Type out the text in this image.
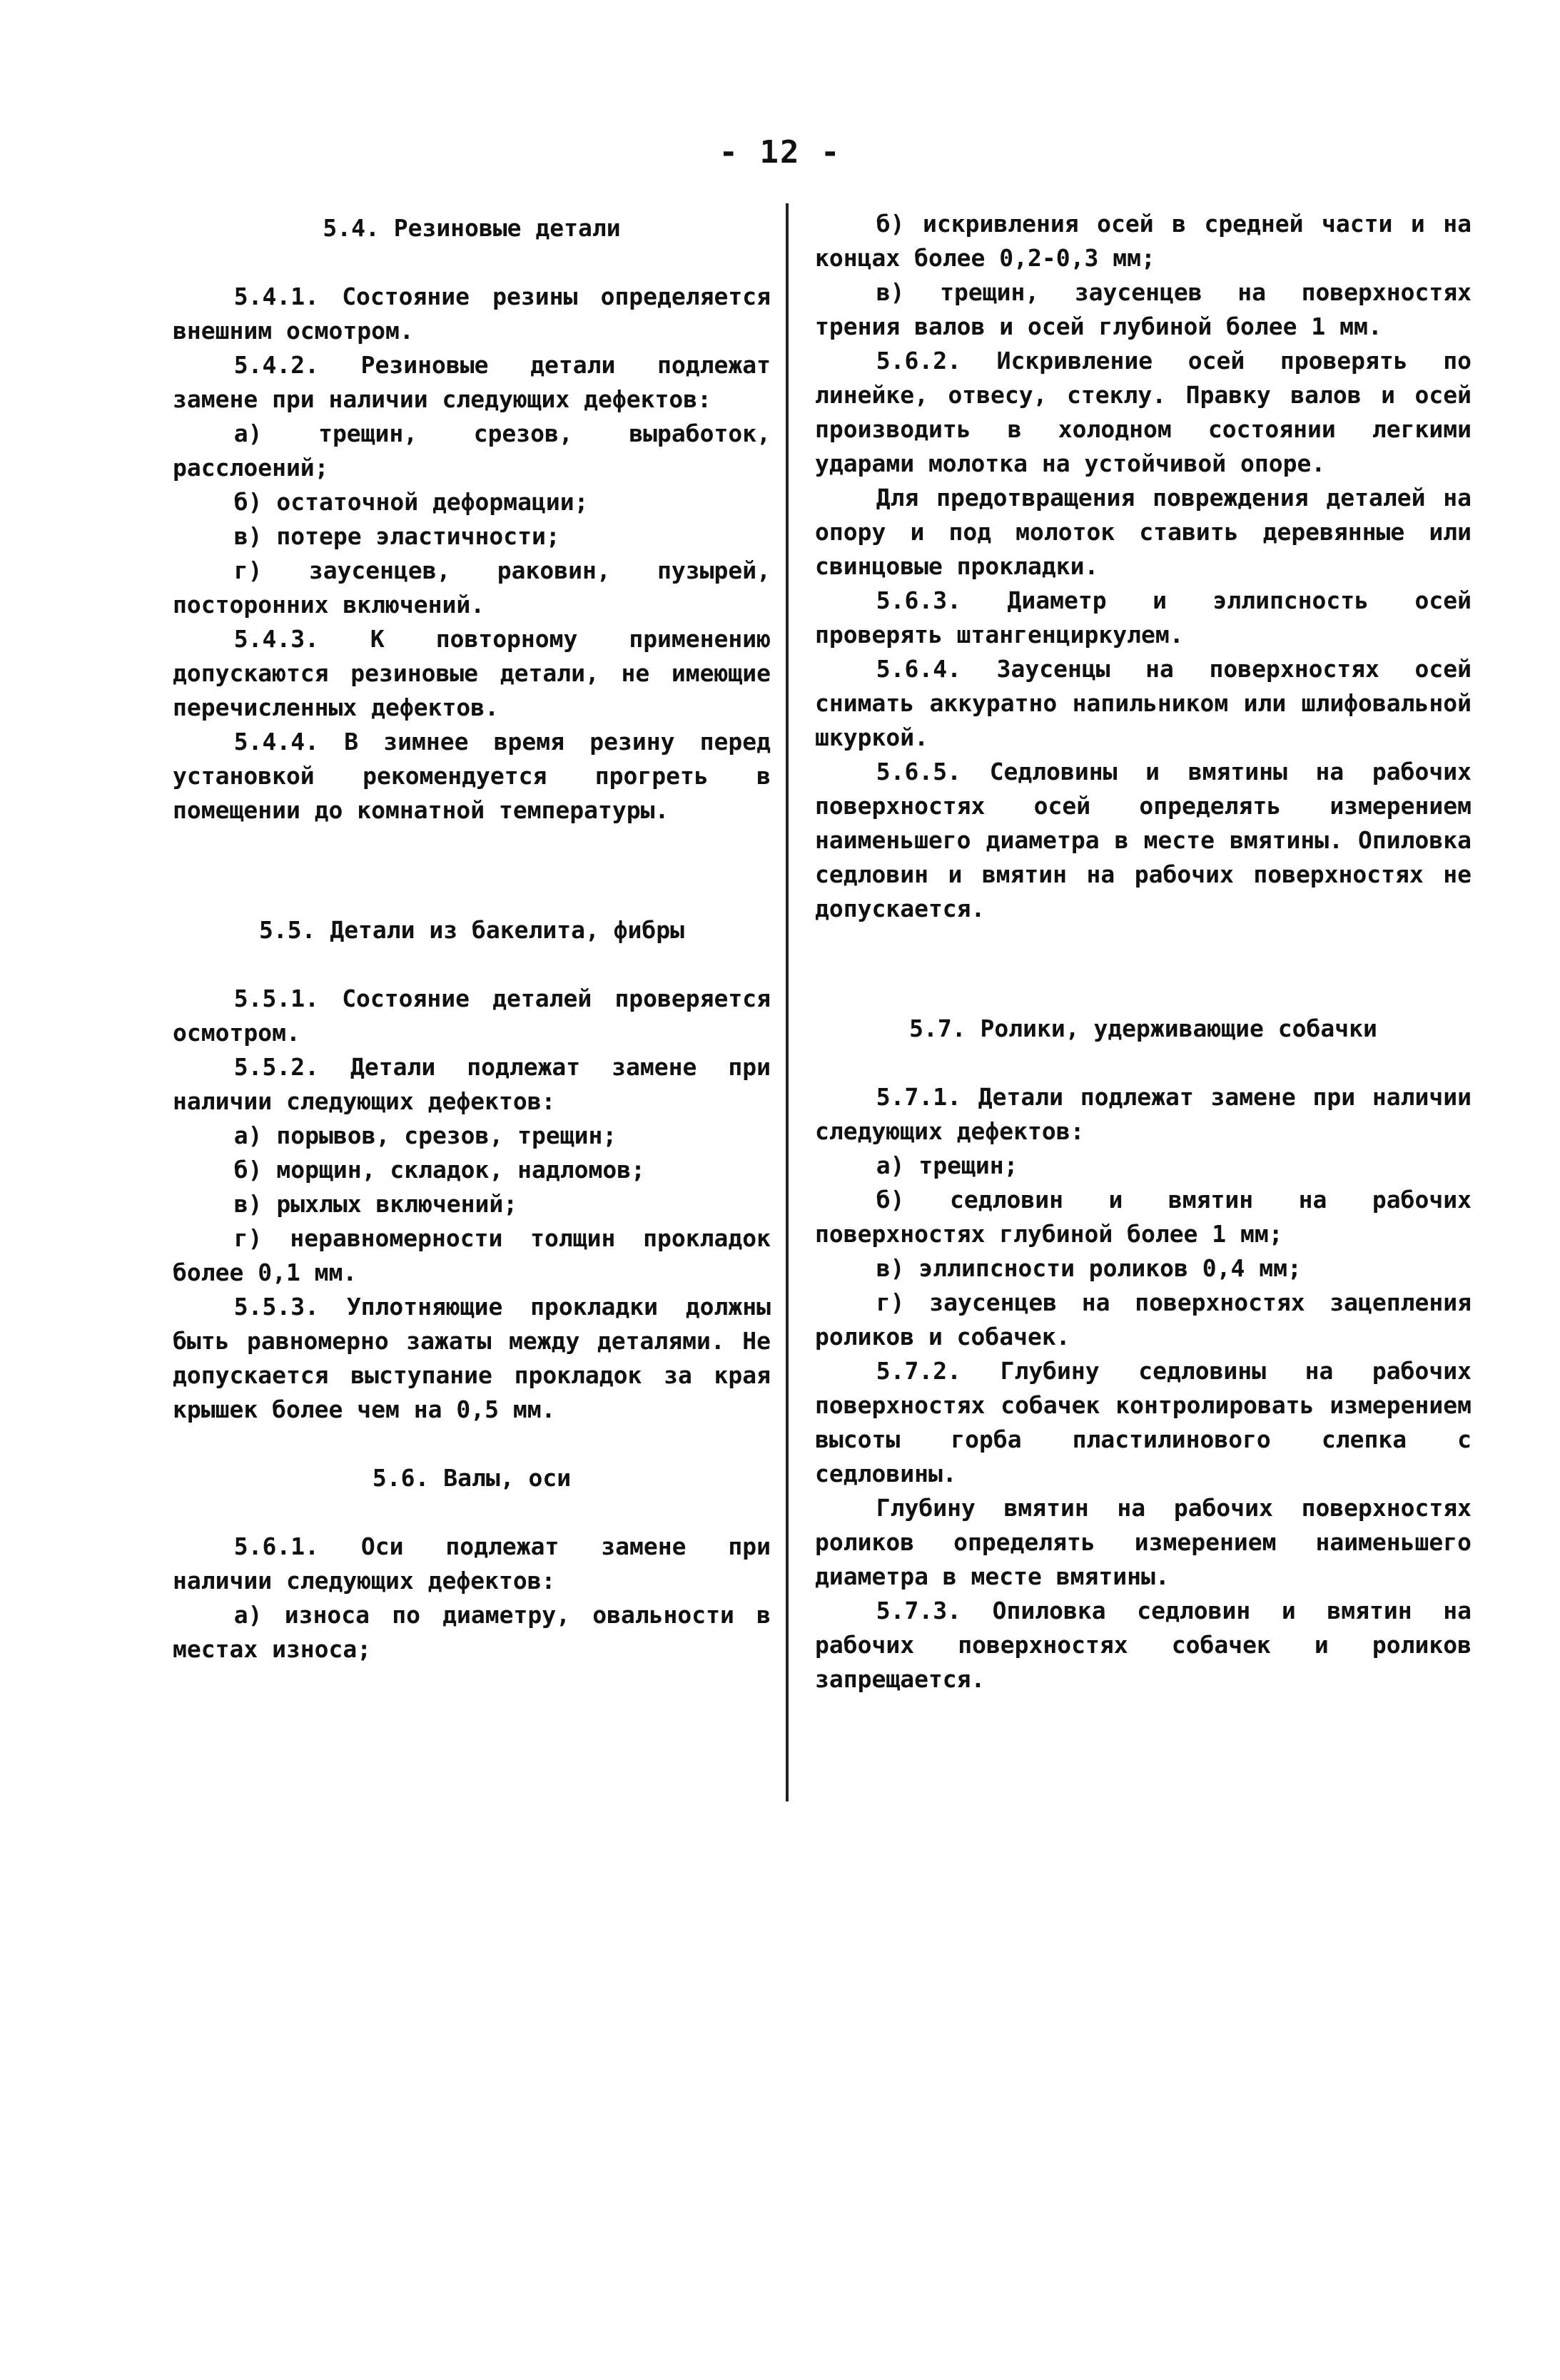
- 12 -

5.4. Резиновые детали

5.4.1. Состояние резины определяется внешним осмотром.

5.4.2. Резиновые детали подлежат замене при наличии следующих дефектов:

а) трещин, срезов, выработок, расслоений;

б) остаточной деформации;

в) потере эластичности;

г) заусенцев, раковин, пузырей, посторонних включений.

5.4.3. К повторному применению допускаются резиновые детали, не имеющие перечисленных дефектов.

5.4.4. В зимнее время резину перед установкой рекомендуется прогреть в помещении до комнатной температуры.

5.5. Детали из бакелита, фибры

5.5.1. Состояние деталей проверяется осмотром.

5.5.2. Детали подлежат замене при наличии следующих дефектов:

а) порывов, срезов, трещин;

б) морщин, складок, надломов;

в) рыхлых включений;

г) неравномерности толщин прокладок более 0,1 мм.

5.5.3. Уплотняющие прокладки должны быть равномерно зажаты между деталями. Не допускается выступание прокладок за края крышек более чем на 0,5 мм.

5.6. Валы, оси

5.6.1. Оси подлежат замене при наличии следующих дефектов:

а) износа по диаметру, овальности в местах износа;

б) искривления осей в средней части и на концах более 0,2-0,3 мм;

в) трещин, заусенцев на поверхностях трения валов и осей глубиной более 1 мм.

5.6.2. Искривление осей проверять по линейке, отвесу, стеклу. Правку валов и осей производить в холодном состоянии легкими ударами молотка на устойчивой опоре.

Для предотвращения повреждения деталей на опору и под молоток ставить деревянные или свинцовые прокладки.

5.6.3. Диаметр и эллипсность осей проверять штангенциркулем.

5.6.4. Заусенцы на поверхностях осей снимать аккуратно напильником или шлифовальной шкуркой.

5.6.5. Седловины и вмятины на рабочих поверхностях осей определять измерением наименьшего диаметра в месте вмятины. Опиловка седловин и вмятин на рабочих поверхностях не допускается.

5.7. Ролики, удерживающие собачки

5.7.1. Детали подлежат замене при наличии следующих дефектов:

а) трещин;

б) седловин и вмятин на рабочих поверхностях глубиной более 1 мм;

в) эллипсности роликов 0,4 мм;

г) заусенцев на поверхностях зацепления роликов и собачек.

5.7.2. Глубину седловины на рабочих поверхностях собачек контролировать измерением высоты горба пластилинового слепка с седловины.

Глубину вмятин на рабочих поверхностях роликов определять измерением наименьшего диаметра в месте вмятины.

5.7.3. Опиловка седловин и вмятин на рабочих поверхностях собачек и роликов запрещается.
